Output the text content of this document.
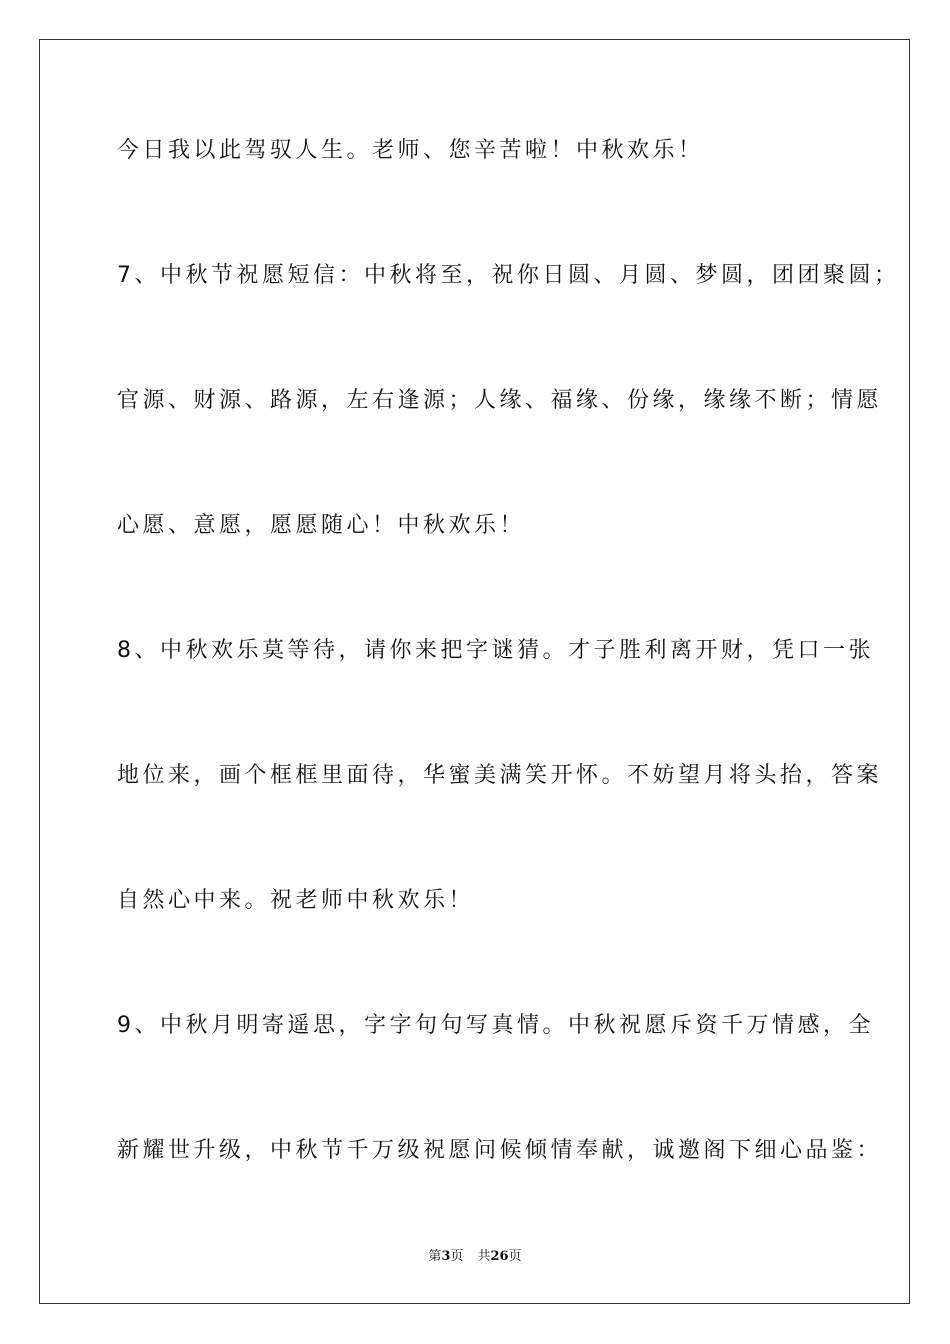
今日我以此驾驭人生。老师、您辛苦啦！中秋欢乐！
7、中秋节祝愿短信：中秋将至，祝你日圆、月圆、梦圆，团团聚圆；
官源、财源、路源，左右逢源；人缘、福缘、份缘，缘缘不断；情愿
心愿、意愿，愿愿随心！中秋欢乐！
8、中秋欢乐莫等待，请你来把字谜猜。才子胜利离开财，凭口一张
地位来，画个框框里面待，华蜜美满笑开怀。不妨望月将头抬，答案
自然心中来。祝老师中秋欢乐！
9、中秋月明寄遥思，字字句句写真情。中秋祝愿斥资千万情感，全
新耀世升级，中秋节千万级祝愿问候倾情奉献，诚邀阁下细心品鉴：
第3页 共26页
